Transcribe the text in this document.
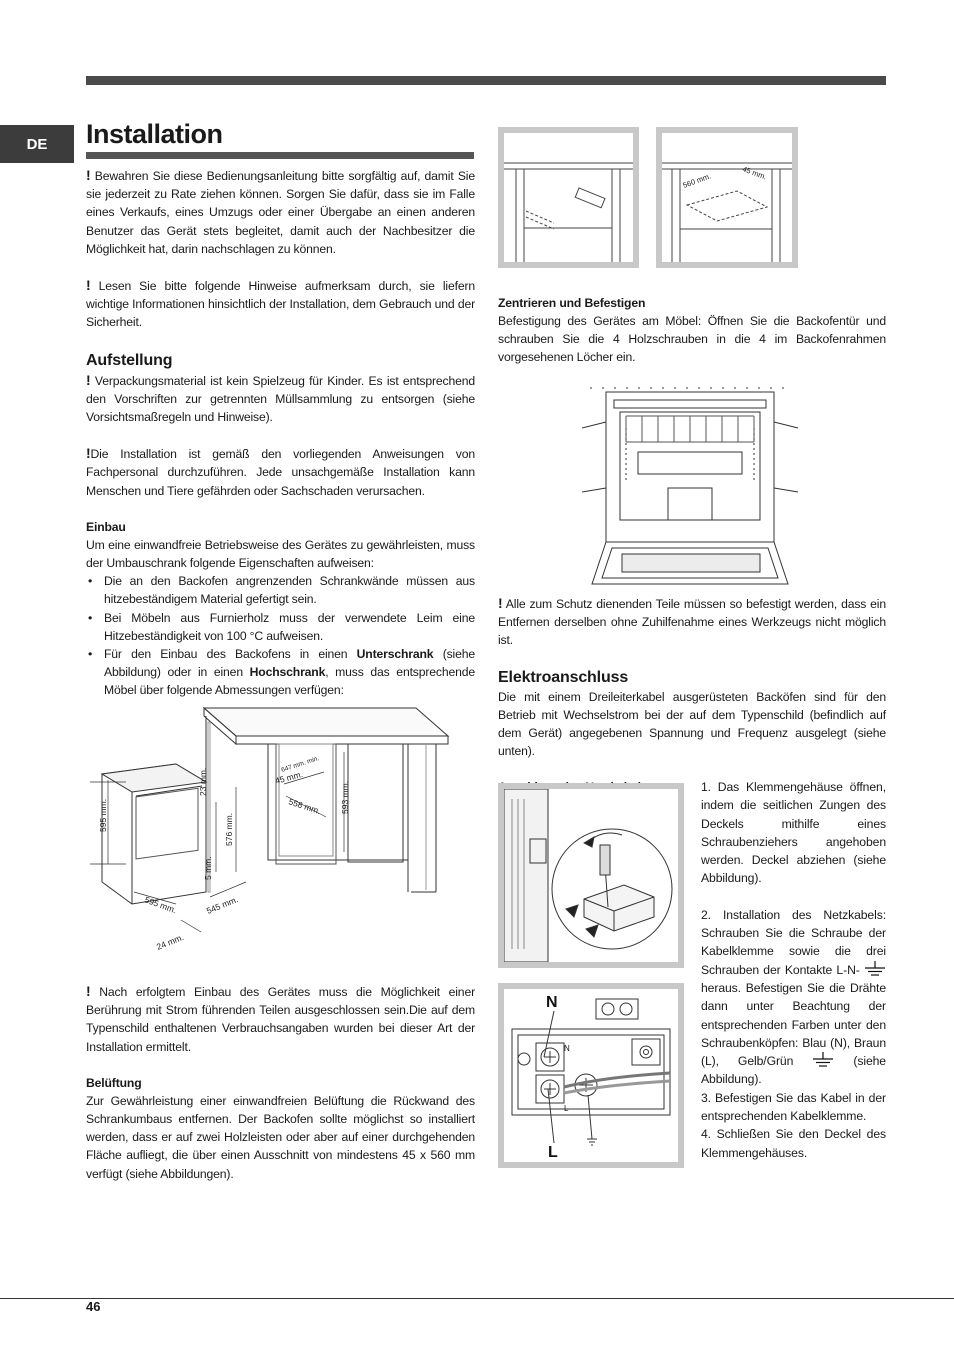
DE Installation

! Bewahren Sie diese Bedienungsanleitung bitte sorgfältig auf, damit Sie sie jederzeit zu Rate ziehen können. Sorgen Sie dafür, dass sie im Falle eines Verkaufs, eines Umzugs oder einer Übergabe an einen anderen Benutzer das Gerät stets begleitet, damit auch der Nachbesitzer die Möglichkeit hat, darin nachschlagen zu können.

! Lesen Sie bitte folgende Hinweise aufmerksam durch, sie liefern wichtige Informationen hinsichtlich der Installation, dem Gebrauch und der Sicherheit.

Aufstellung

! Verpackungsmaterial ist kein Spielzeug für Kinder. Es ist entsprechend den Vorschriften zur getrennten Müllsammlung zu entsorgen (siehe Vorsichtsmaßregeln und Hinweise).

!Die Installation ist gemäß den vorliegenden Anweisungen von Fachpersonal durchzuführen. Jede unsachgemäße Installation kann Menschen und Tiere gefährden oder Sachschaden verursachen.

Einbau

Um eine einwandfreie Betriebsweise des Gerätes zu gewährleisten, muss der Umbauschrank folgende Eigenschaften aufweisen:

• Die an den Backofen angrenzenden Schrankwände müssen aus hitzebeständigem Material gefertigt sein.
• Bei Möbeln aus Furnierholz muss der verwendete Leim eine Hitzebeständigkeit von 100 °C aufweisen.
• Für den Einbau des Backofens in einen Unterschrank (siehe Abbildung) oder in einen Hochschrank, muss das entsprechende Möbel über folgende Abmessungen verfügen:
595 mm.
595 mm.
24 mm.
545 mm.
576 mm.
5 mm.
23 mm.	45 mm.
647 mm. min.
558 mm. 593 mm.

! Nach erfolgtem Einbau des Gerätes muss die Möglichkeit einer Berührung mit Strom führenden Teilen ausgeschlossen sein.Die auf dem Typenschild enthaltenen Verbrauchsangaben wurden bei dieser Art der Installation ermittelt.

Belüftung

Zur Gewährleistung einer einwandfreien Belüftung die Rückwand des Schrankumbaus entfernen. Der Backofen sollte möglichst so installiert werden, dass er auf zwei Holzleisten oder aber auf einer durchgehenden Fläche aufliegt, die über einen Ausschnitt von mindestens 45 x 560 mm verfügt (siehe Abbildungen).

560 mm.	45 mm.
Zentrieren und Befestigen

Befestigung des Gerätes am Möbel: Öffnen Sie die Backofentür und schrauben Sie die 4 Holzschrauben in die 4 im Backofenrahmen vorgesehenen Löcher ein.

! Alle zum Schutz dienenden Teile müssen so befestigt werden, dass ein Entfernen derselben ohne Zuhilfenahme eines Werkzeugs nicht möglich ist.

Elektroanschluss

Die mit einem Dreileiterkabel ausgerüsteten Backöfen sind für den Betrieb mit Wechselstrom bei der auf dem Typenschild (befindlich auf dem Gerät) angegebenen Spannung und Frequenz ausgelegt (siehe unten).

N
L
N
L

1. Das Klemmengehäuse öffnen, indem die seitlichen Zungen des Deckels mithilfe eines Schraubenziehers angehoben werden. Deckel abziehen (siehe Abbildung).

2. Installation des Netzkabels: Schrauben Sie die Schraube der Kabelklemme sowie die drei Schrauben der Kontakte L-N-  heraus. Befestigen Sie die Drähte dann unter Beachtung der entsprechenden Farben unter den Schraubenköpfen: Blau (N), Braun (L), Gelb/Grün	(siehe Abbildung).

3. Befestigen Sie das Kabel in der entsprechenden Kabelklemme.

4. Schließen Sie den Deckel des Klemmengehäuses.

46
